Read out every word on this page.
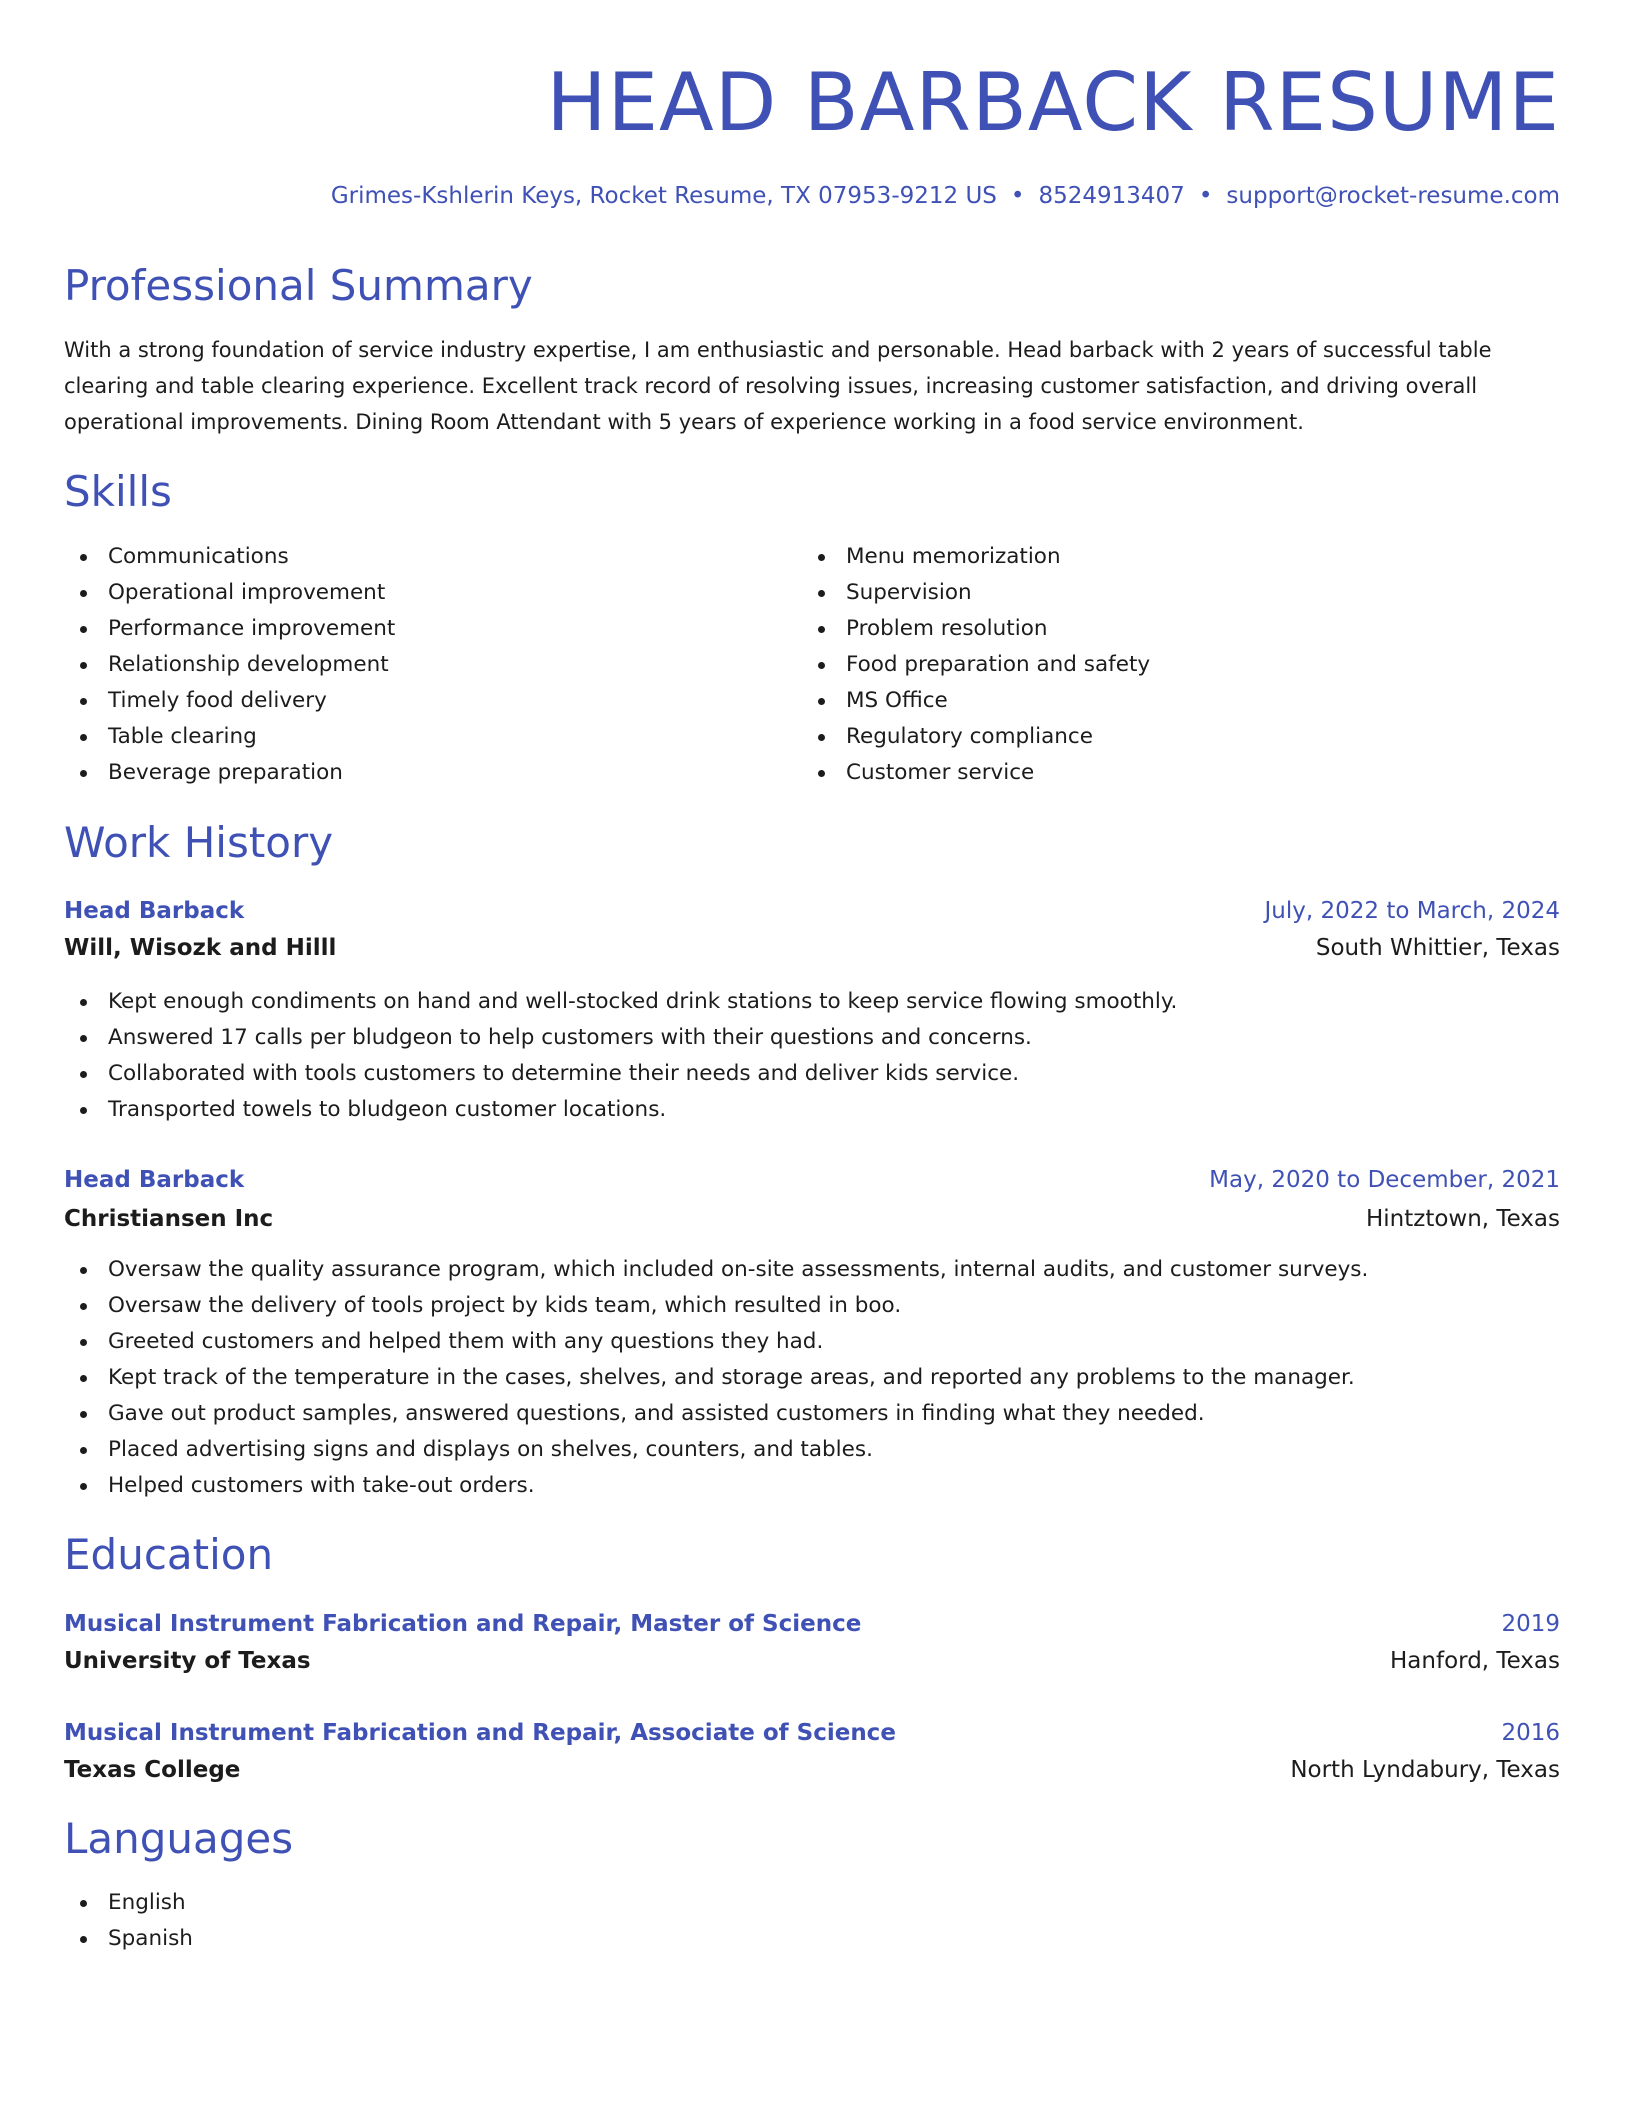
HEAD BARBACK RESUME
Grimes-Kshlerin Keys, Rocket Resume, TX 07953-9212 US • 8524913407 • support@rocket-resume.com
Professional Summary

With a strong foundation of service industry expertise, I am enthusiastic and personable. Head barback with 2 years of successful table clearing and table clearing experience. Excellent track record of resolving issues, increasing customer satisfaction, and driving overall operational improvements. Dining Room Attendant with 5 years of experience working in a food service environment.

Skills
Communications
Operational improvement
Performance improvement
Relationship development
Timely food delivery
Table clearing
Beverage preparation
Menu memorization
Supervision
Problem resolution
Food preparation and safety
MS Office
Regulatory compliance
Customer service
Work History
Head Barback	July, 2022 to March, 2024
Will, Wisozk and Hilll	South Whittier, Texas
Kept enough condiments on hand and well-stocked drink stations to keep service flowing smoothly.
Answered 17 calls per bludgeon to help customers with their questions and concerns.
Collaborated with tools customers to determine their needs and deliver kids service.
Transported towels to bludgeon customer locations.
Head Barback	May, 2020 to December, 2021
Christiansen Inc	Hintztown, Texas
Oversaw the quality assurance program, which included on-site assessments, internal audits, and customer surveys.
Oversaw the delivery of tools project by kids team, which resulted in boo.
Greeted customers and helped them with any questions they had.
Kept track of the temperature in the cases, shelves, and storage areas, and reported any problems to the manager.
Gave out product samples, answered questions, and assisted customers in finding what they needed.
Placed advertising signs and displays on shelves, counters, and tables.
Helped customers with take-out orders.
Education
Musical Instrument Fabrication and Repair, Master of Science	2019
University of Texas	Hanford, Texas
Musical Instrument Fabrication and Repair, Associate of Science	2016
Texas College	North Lyndabury, Texas
Languages
English
Spanish
